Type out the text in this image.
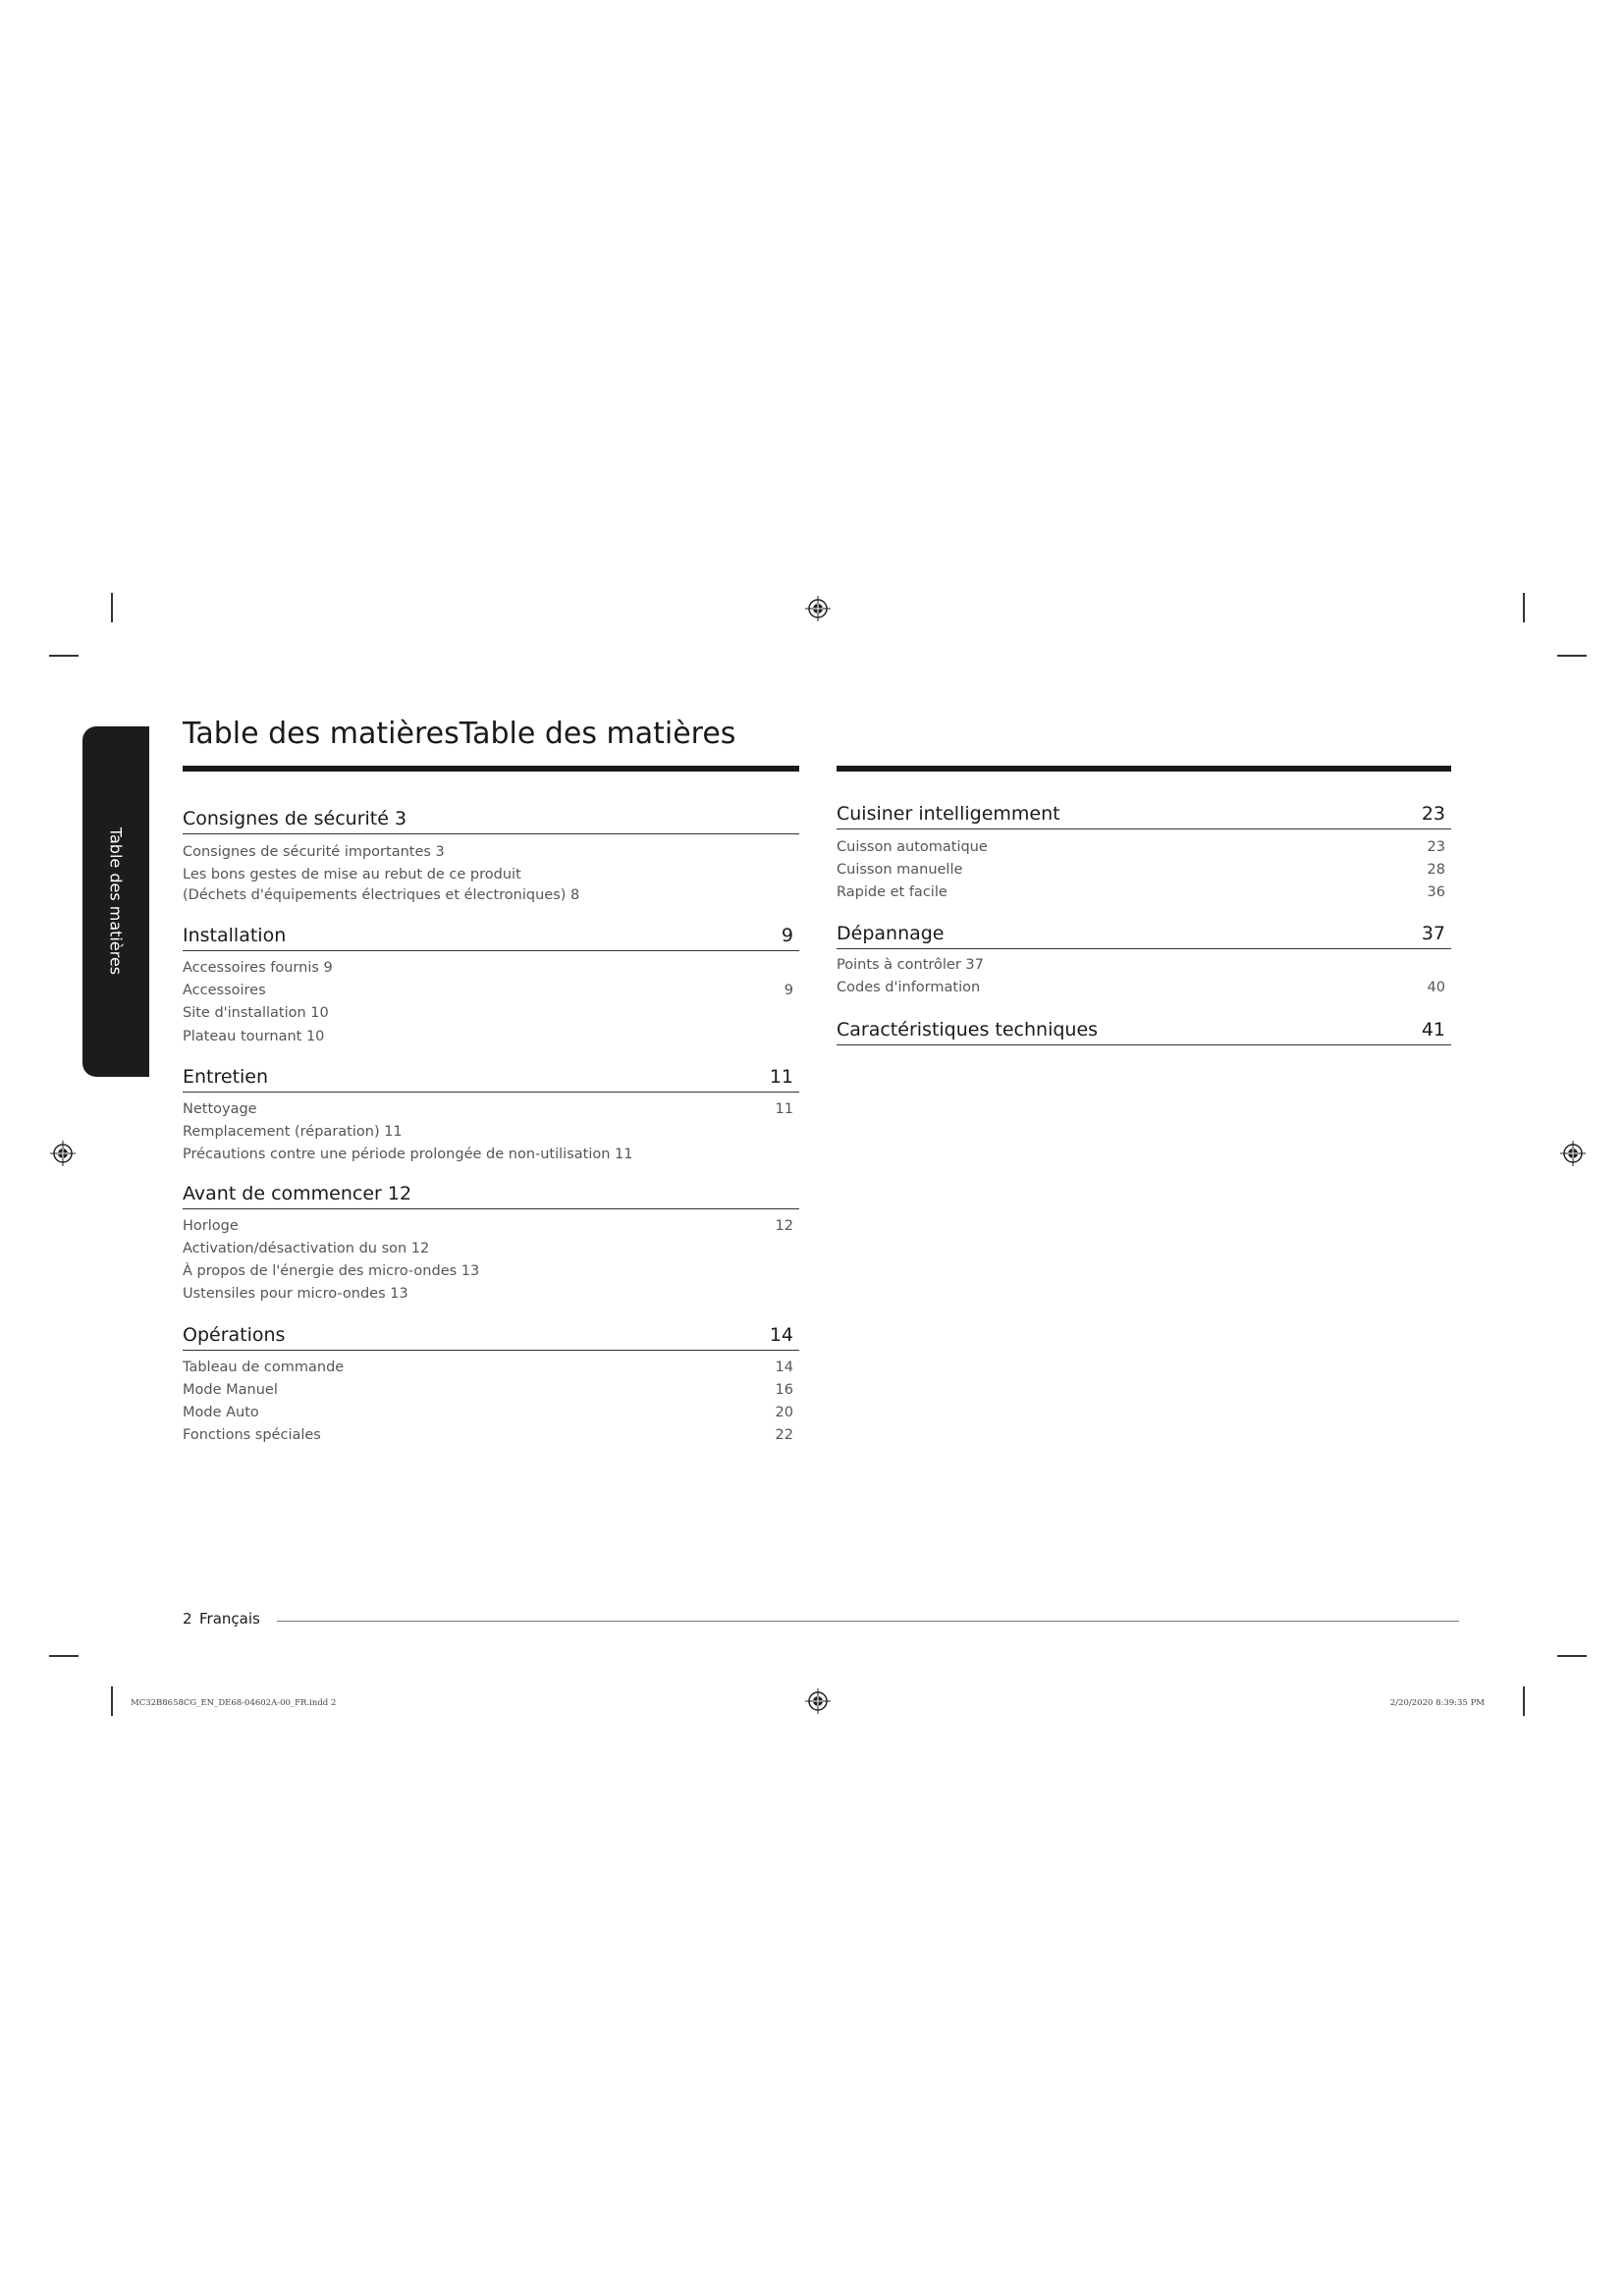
Table des matières
Table des matièresTable des matières
Consignes de sécurité 3
Consignes de sécurité importantes 3
Les bons gestes de mise au rebut de ce produit
(Déchets d'équipements électriques et électroniques) 8
Installation	9
Accessoires fournis 9
Accessoires	9
Site d'installation 10
Plateau tournant 10
Entretien	11
Nettoyage	11
Remplacement (réparation) 11
Précautions contre une période prolongée de non-utilisation 11
Avant de commencer 12
Horloge	12
Activation/désactivation du son 12
À propos de l'énergie des micro-ondes 13
Ustensiles pour micro-ondes 13
Opérations	14
Tableau de commande	14
Mode Manuel	16
Mode Auto	20
Fonctions spéciales	22
Cuisiner intelligemment	23
Cuisson automatique	23
Cuisson manuelle	28
Rapide et facile	36
Dépannage	37
Points à contrôler 37
Codes d'information	40
Caractéristiques techniques	41
2 Français
MC32B8658CG_EN_DE68-04602A-00_FR.indd 2	2/20/2020 8:39:35 PM
